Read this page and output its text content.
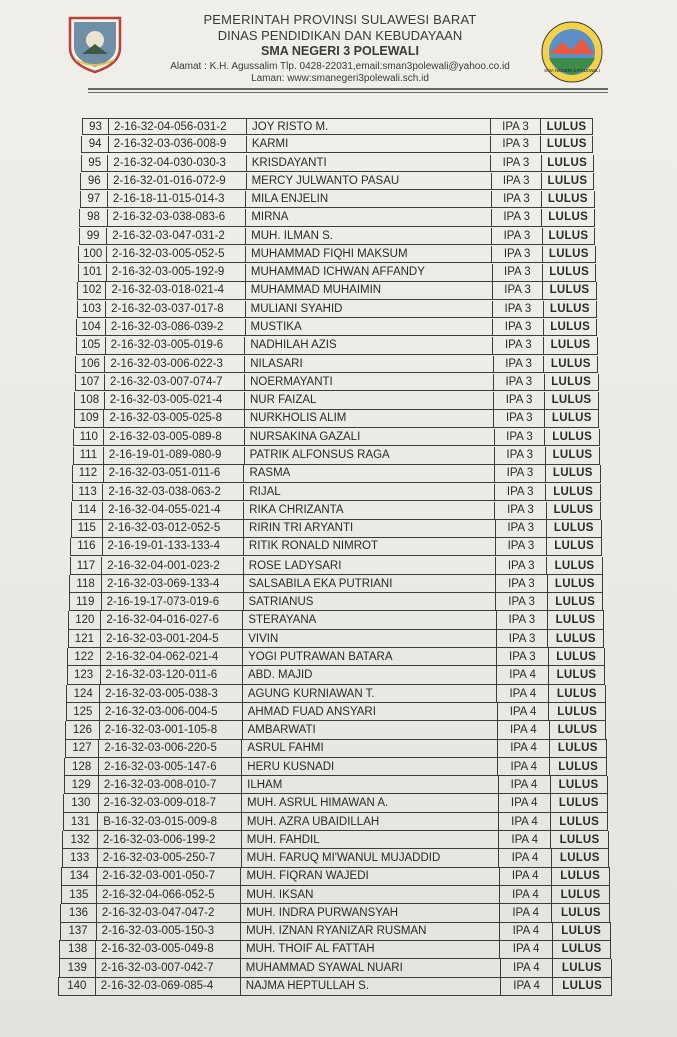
PEMERINTAH PROVINSI SULAWESI BARAT
DINAS PENDIDIKAN DAN KEBUDAYAAN
SMA NEGERI 3 POLEWALI
Alamat : K.H. Agussalim Tlp. 0428-22031,email:sman3polewali@yahoo.co.id
Laman: www:smanegeri3polewali.sch.id
SMA NEGERI 3 POLEWALI
93	2-16-32-04-056-031-2	JOY RISTO M.	IPA 3	LULUS
94	2-16-32-03-036-008-9	KARMI	IPA 3	LULUS
95	2-16-32-04-030-030-3	KRISDAYANTI	IPA 3	LULUS
96	2-16-32-01-016-072-9	MERCY JULWANTO PASAU	IPA 3	LULUS
97	2-16-18-11-015-014-3	MILA ENJELIN	IPA 3	LULUS
98	2-16-32-03-038-083-6	MIRNA	IPA 3	LULUS
99	2-16-32-03-047-031-2	MUH. ILMAN S.	IPA 3	LULUS
100 2-16-32-03-005-052-5	MUHAMMAD FIQHI MAKSUM	IPA 3	LULUS
101 2-16-32-03-005-192-9	MUHAMMAD ICHWAN AFFANDY	IPA 3	LULUS
102 2-16-32-03-018-021-4	MUHAMMAD MUHAIMIN	IPA 3	LULUS
103 2-16-32-03-037-017-8	MULIANI SYAHID	IPA 3	LULUS
104 2-16-32-03-086-039-2	MUSTIKA	IPA 3	LULUS
105 2-16-32-03-005-019-6	NADHILAH AZIS	IPA 3	LULUS
106 2-16-32-03-006-022-3	NILASARI	IPA 3	LULUS
107 2-16-32-03-007-074-7	NOERMAYANTI	IPA 3	LULUS
108 2-16-32-03-005-021-4	NUR FAIZAL	IPA 3	LULUS
109 2-16-32-03-005-025-8	NURKHOLIS ALIM	IPA 3	LULUS
110 2-16-32-03-005-089-8	NURSAKINA GAZALI	IPA 3	LULUS
111	2-16-19-01-089-080-9	PATRIK ALFONSUS RAGA	IPA 3	LULUS
112	2-16-32-03-051-011-6	RASMA	IPA 3	LULUS
113	2-16-32-03-038-063-2	RIJAL	IPA 3	LULUS
114	2-16-32-04-055-021-4	RIKA CHRIZANTA	IPA 3	LULUS
115	2-16-32-03-012-052-5	RIRIN TRI ARYANTI	IPA 3	LULUS
116	2-16-19-01-133-133-4	RITIK RONALD NIMROT	IPA 3	LULUS
117	2-16-32-04-001-023-2	ROSE LADYSARI	IPA 3	LULUS
118	2-16-32-03-069-133-4	SALSABILA EKA PUTRIANI	IPA 3	LULUS
119	2-16-19-17-073-019-6	SATRIANUS	IPA 3	LULUS
120	2-16-32-04-016-027-6	STERAYANA	IPA 3	LULUS
121	2-16-32-03-001-204-5	VIVIN	IPA 3	LULUS
122	2-16-32-04-062-021-4	YOGI PUTRAWAN BATARA	IPA 3	LULUS
123	2-16-32-03-120-011-6	ABD. MAJID	IPA 4	LULUS
124	2-16-32-03-005-038-3	AGUNG KURNIAWAN T.	IPA 4	LULUS
125	2-16-32-03-006-004-5	AHMAD FUAD ANSYARI	IPA 4	LULUS
126	2-16-32-03-001-105-8	AMBARWATI	IPA 4	LULUS
127	2-16-32-03-006-220-5	ASRUL FAHMI	IPA 4	LULUS
128	2-16-32-03-005-147-6	HERU KUSNADI	IPA 4	LULUS
129	2-16-32-03-008-010-7	ILHAM	IPA 4	LULUS
130	2-16-32-03-009-018-7	MUH. ASRUL HIMAWAN A.	IPA 4	LULUS
131	B-16-32-03-015-009-8	MUH. AZRA UBAIDILLAH	IPA 4	LULUS
132	2-16-32-03-006-199-2	MUH. FAHDIL	IPA 4	LULUS
133	2-16-32-03-005-250-7	MUH. FARUQ MI'WANUL MUJADDID	IPA 4	LULUS
134	2-16-32-03-001-050-7	MUH. FIQRAN WAJEDI	IPA 4	LULUS
135	2-16-32-04-066-052-5	MUH. IKSAN	IPA 4	LULUS
136	2-16-32-03-047-047-2	MUH. INDRA PURWANSYAH	IPA 4	LULUS
137	2-16-32-03-005-150-3	MUH. IZNAN RYANIZAR RUSMAN	IPA 4	LULUS
138	2-16-32-03-005-049-8	MUH. THOIF AL FATTAH	IPA 4	LULUS
139	2-16-32-03-007-042-7	MUHAMMAD SYAWAL NUARI	IPA 4	LULUS
140	2-16-32-03-069-085-4	NAJMA HEPTULLAH S.	IPA 4	LULUS
